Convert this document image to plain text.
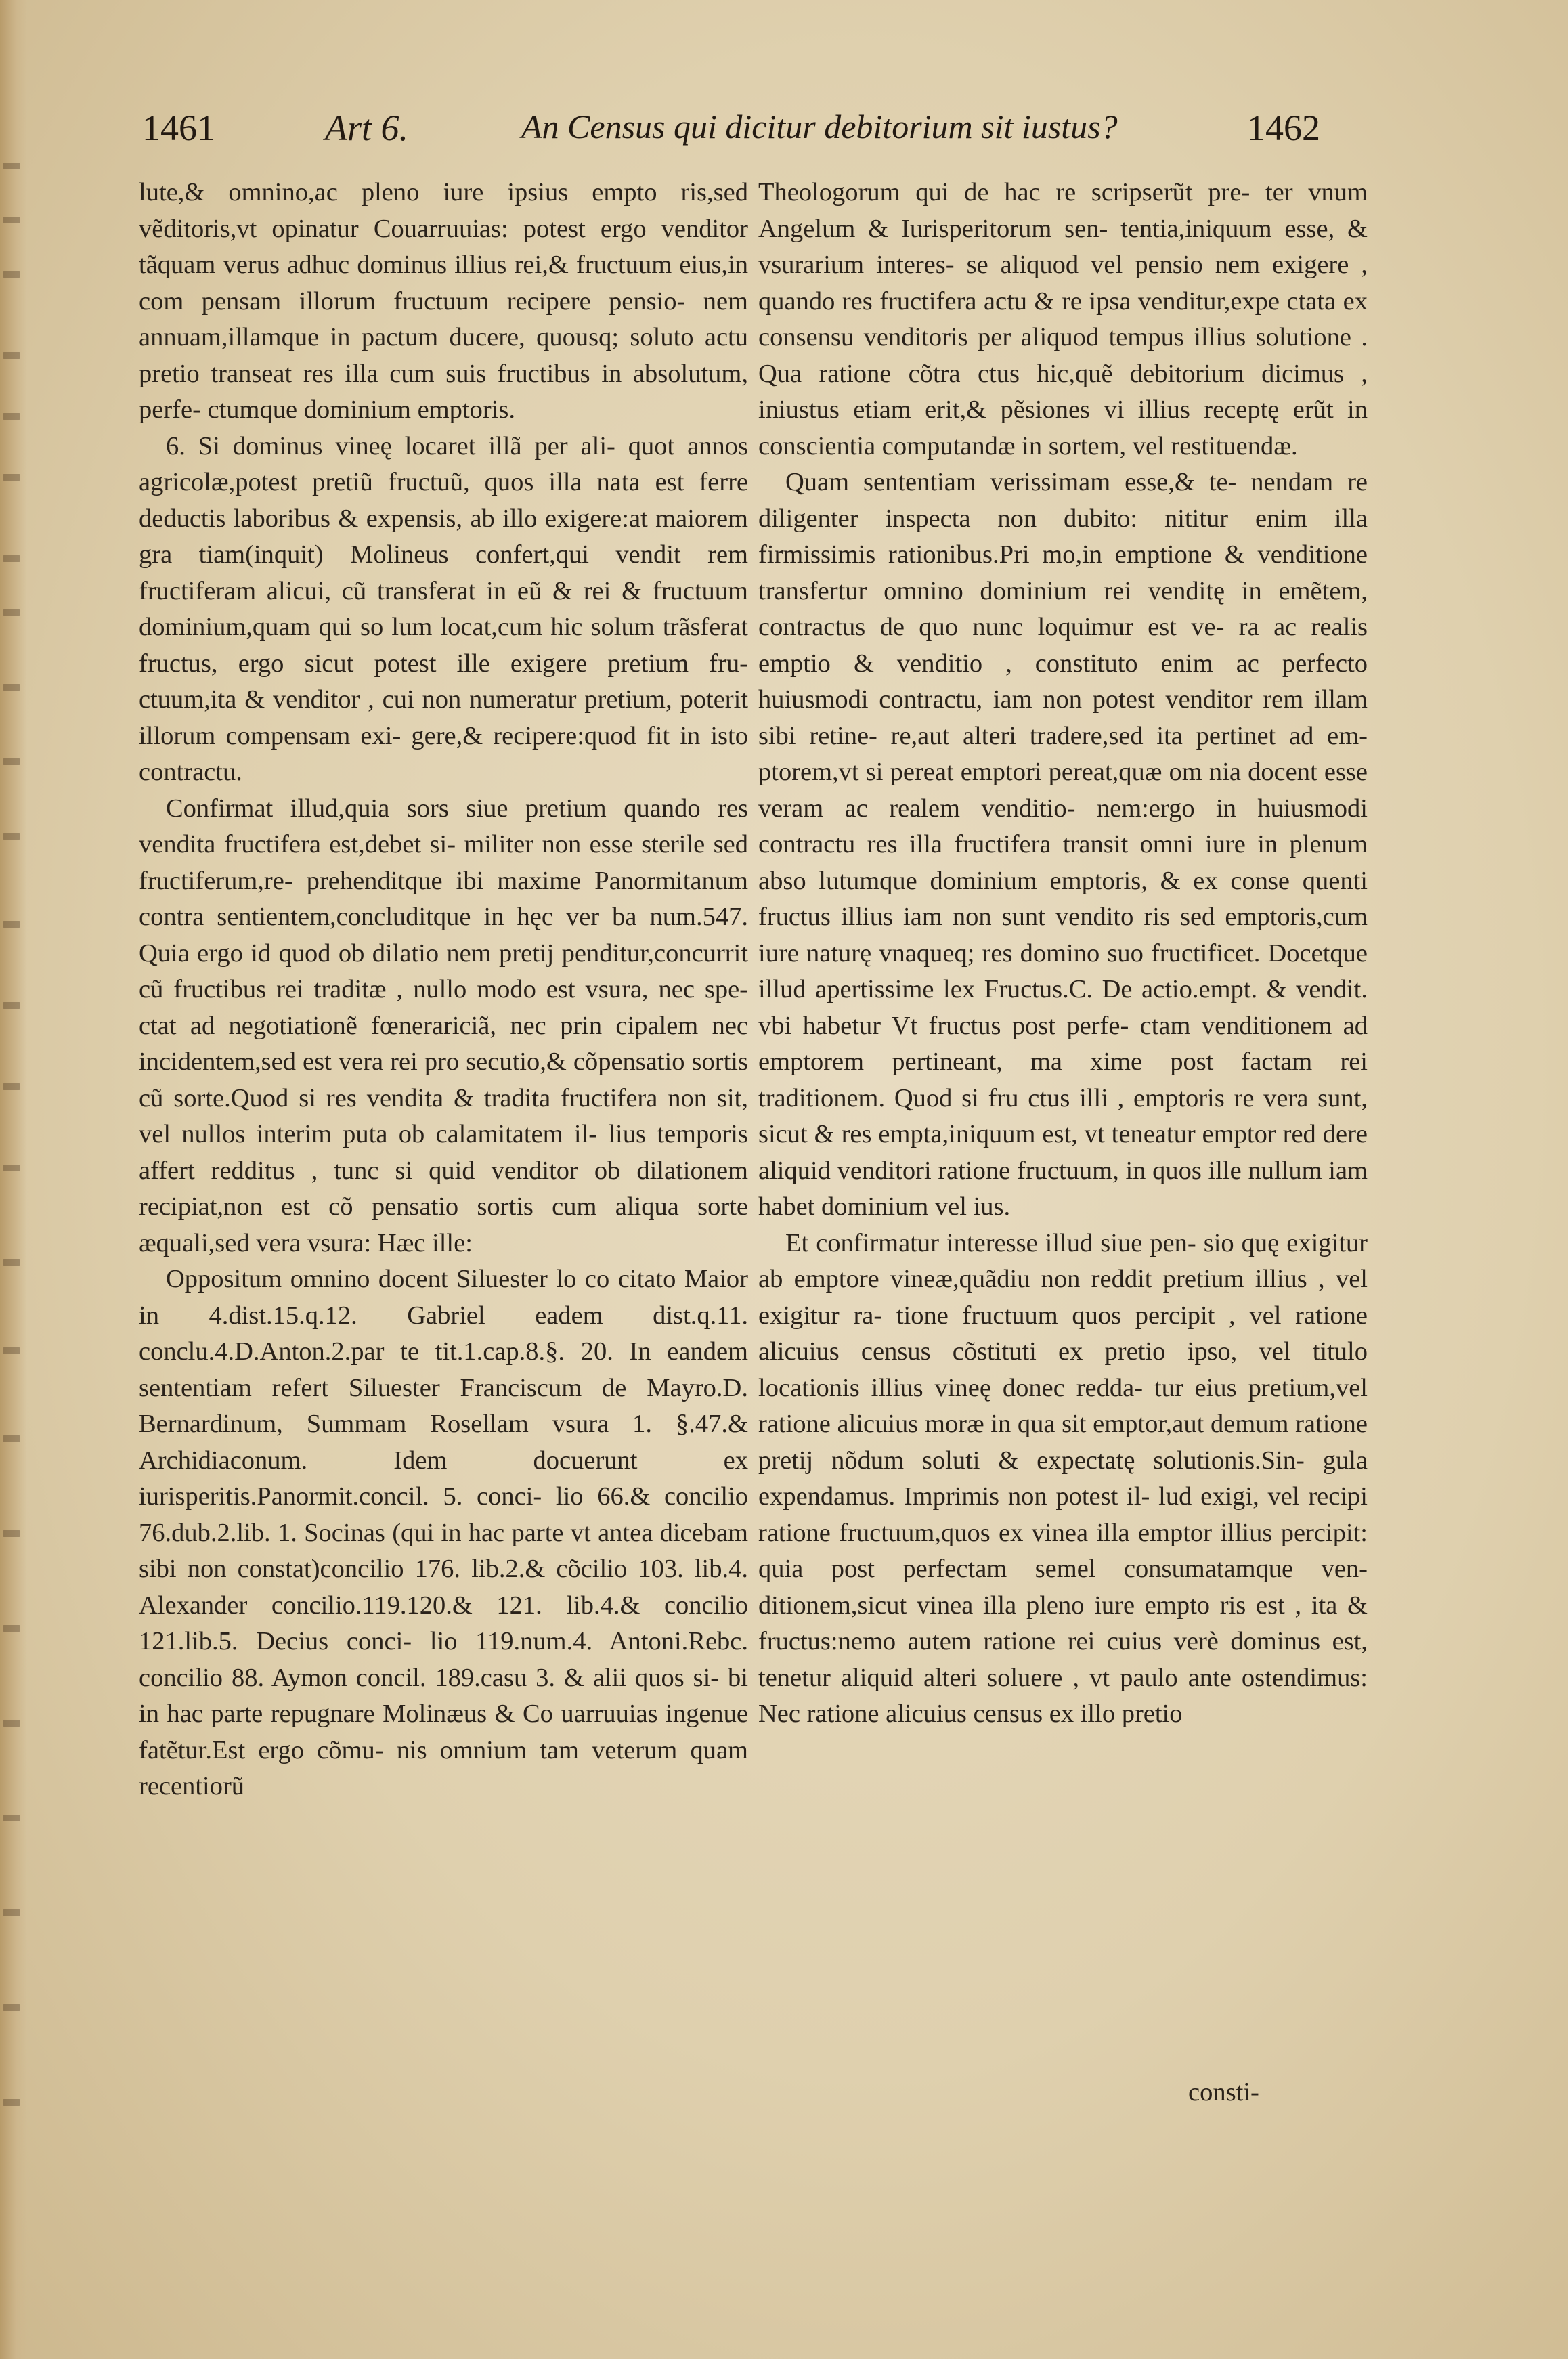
1461	Art 6.	An Census qui dicitur debitorium sit iustus?	1462

lute,& omnino,ac pleno iure ipsius empto ris,sed vẽditoris,vt opinatur Couarruuias: potest ergo venditor tãquam verus adhuc dominus illius rei,& fructuum eius,in com pensam illorum fructuum recipere pensio- nem annuam,illamque in pactum ducere, quousq; soluto actu pretio transeat res illa cum suis fructibus in absolutum, perfe- ctumque dominium emptoris.

6. Si dominus vineę locaret illã per ali- quot annos agricolæ,potest pretiũ fructuũ, quos illa nata est ferre deductis laboribus & expensis, ab illo exigere:at maiorem gra tiam(inquit) Molineus confert,qui vendit rem fructiferam alicui, cũ transferat in eũ & rei & fructuum dominium,quam qui so lum locat,cum hic solum trãsferat fructus, ergo sicut potest ille exigere pretium fru- ctuum,ita & venditor , cui non numeratur pretium, poterit illorum compensam exi- gere,& recipere:quod fit in isto contractu.

Confirmat illud,quia sors siue pretium quando res vendita fructifera est,debet si- militer non esse sterile sed fructiferum,re- prehenditque ibi maxime Panormitanum contra sentientem,concluditque in hęc ver ba num.547. Quia ergo id quod ob dilatio nem pretij penditur,concurrit cũ fructibus rei traditæ , nullo modo est vsura, nec spe- ctat ad negotiationẽ fœnerariciã, nec prin cipalem nec incidentem,sed est vera rei pro secutio,& cõpensatio sortis cũ sorte.Quod si res vendita & tradita fructifera non sit, vel nullos interim puta ob calamitatem il- lius temporis affert redditus , tunc si quid venditor ob dilationem recipiat,non est cõ pensatio sortis cum aliqua sorte æquali,sed vera vsura: Hæc ille:

Oppositum omnino docent Siluester lo co citato Maior in 4.dist.15.q.12. Gabriel eadem dist.q.11. conclu.4.D.Anton.2.par te tit.1.cap.8.§. 20. In eandem sententiam refert Siluester Franciscum de Mayro.D. Bernardinum, Summam Rosellam vsura 1. §.47.& Archidiaconum. Idem docuerunt ex iurisperitis.Panormit.concil. 5. conci- lio 66.& concilio 76.dub.2.lib. 1. Socinas (qui in hac parte vt antea dicebam sibi non constat)concilio 176. lib.2.& cõcilio 103. lib.4. Alexander concilio.119.120.& 121. lib.4.& concilio 121.lib.5. Decius conci- lio 119.num.4. Antoni.Rebc. concilio 88. Aymon concil. 189.casu 3. & alii quos si- bi in hac parte repugnare Molinæus & Co uarruuias ingenue fatẽtur.Est ergo cõmu- nis omnium tam veterum quam recentiorũ

Theologorum qui de hac re scripserũt pre- ter vnum Angelum & Iurisperitorum sen- tentia,iniquum esse, & vsurarium interes- se aliquod vel pensio nem exigere , quando res fructifera actu & re ipsa venditur,expe ctata ex consensu venditoris per aliquod tempus illius solutione . Qua ratione cõtra ctus hic,quẽ debitorium dicimus , iniustus etiam erit,& pẽsiones vi illius receptę erũt in conscientia computandæ in sortem, vel restituendæ.

Quam sententiam verissimam esse,& te- nendam re diligenter inspecta non dubito: nititur enim illa firmissimis rationibus.Pri mo,in emptione & venditione transfertur omnino dominium rei venditę in emẽtem, contractus de quo nunc loquimur est ve- ra ac realis emptio & venditio , constituto enim ac perfecto huiusmodi contractu, iam non potest venditor rem illam sibi retine- re,aut alteri tradere,sed ita pertinet ad em- ptorem,vt si pereat emptori pereat,quæ om nia docent esse veram ac realem venditio- nem:ergo in huiusmodi contractu res illa fructifera transit omni iure in plenum abso lutumque dominium emptoris, & ex conse quenti fructus illius iam non sunt vendito ris sed emptoris,cum iure naturę vnaqueq; res domino suo fructificet. Docetque illud apertissime lex Fructus.C. De actio.empt. & vendit. vbi habetur Vt fructus post perfe- ctam venditionem ad emptorem pertineant, ma xime post factam rei traditionem. Quod si fru ctus illi , emptoris re vera sunt, sicut & res empta,iniquum est, vt teneatur emptor red dere aliquid venditori ratione fructuum, in quos ille nullum iam habet dominium vel ius.

Et confirmatur interesse illud siue pen- sio quę exigitur ab emptore vineæ,quãdiu non reddit pretium illius , vel exigitur ra- tione fructuum quos percipit , vel ratione alicuius census cõstituti ex pretio ipso, vel titulo locationis illius vineę donec redda- tur eius pretium,vel ratione alicuius moræ in qua sit emptor,aut demum ratione pretij nõdum soluti & expectatę solutionis.Sin- gula expendamus. Imprimis non potest il- lud exigi, vel recipi ratione fructuum,quos ex vinea illa emptor illius percipit: quia post perfectam semel consumatamque ven- ditionem,sicut vinea illa pleno iure empto ris est , ita & fructus:nemo autem ratione rei cuius verè dominus est, tenetur aliquid alteri soluere , vt paulo ante ostendimus: Nec ratione alicuius census ex illo pretio

consti-
